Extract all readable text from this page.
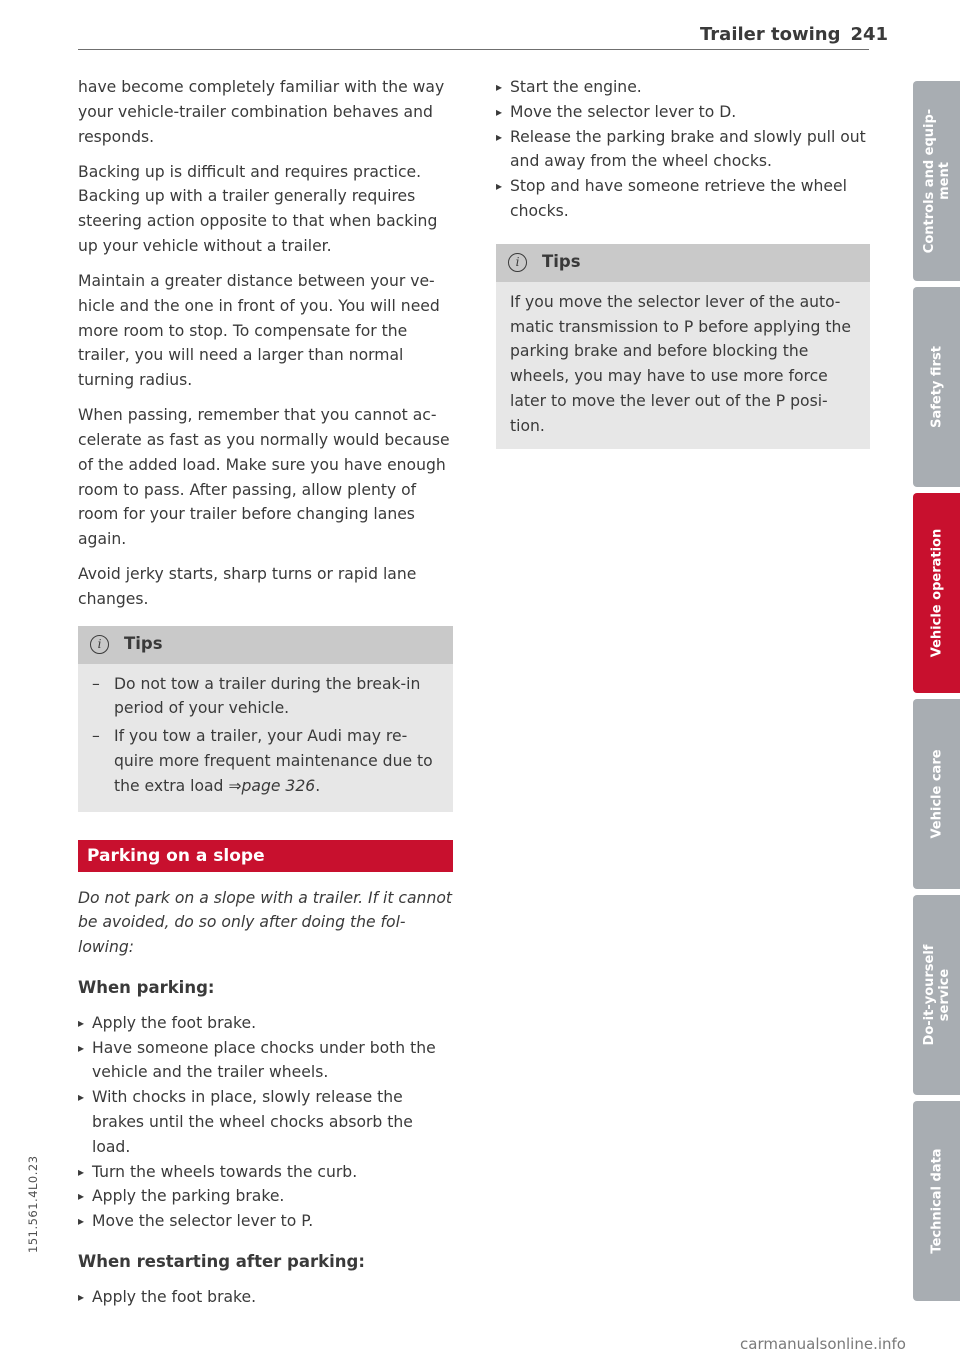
Trailer towing 241

have become completely familiar with the way your vehicle-trailer combination behaves and responds.

Backing up is difficult and requires practice. Backing up with a trailer generally requires steering action opposite to that when backing up your vehicle without a trailer.

Maintain a greater distance between your vehicle and the one in front of you. You will need more room to stop. To compensate for the trailer, you will need a larger than normal turning radius.

When passing, remember that you cannot accelerate as fast as you normally would because of the added load. Make sure you have enough room to pass. After passing, allow plenty of room for your trailer before changing lanes again.

Avoid jerky starts, sharp turns or rapid lane changes.

i	Tips
– Do not tow a trailer during the break-in period of your vehicle.
– If you tow a trailer, your Audi may require more frequent maintenance due to the extra load ⇒page 326.
Parking on a slope

Do not park on a slope with a trailer. If it cannot be avoided, do so only after doing the following:

When parking:
▸ Apply the foot brake.
▸ Have someone place chocks under both the vehicle and the trailer wheels.
▸ With chocks in place, slowly release the brakes until the wheel chocks absorb the load.
▸ Turn the wheels towards the curb.
▸ Apply the parking brake.
▸ Move the selector lever to P.
When restarting after parking:
▸ Apply the foot brake.
▸ Start the engine.
▸ Move the selector lever to D.
▸ Release the parking brake and slowly pull out and away from the wheel chocks.
▸ Stop and have someone retrieve the wheel chocks.
i	Tips

If you move the selector lever of the automatic transmission to P before applying the parking brake and before blocking the wheels, you may have to use more force later to move the lever out of the P position.

Controls and equip-
ment
Safety first
Vehicle operation
Vehicle care
Do-it-yourself
service
Technical data
151.561.4L0.23
carmanualsonline.info
